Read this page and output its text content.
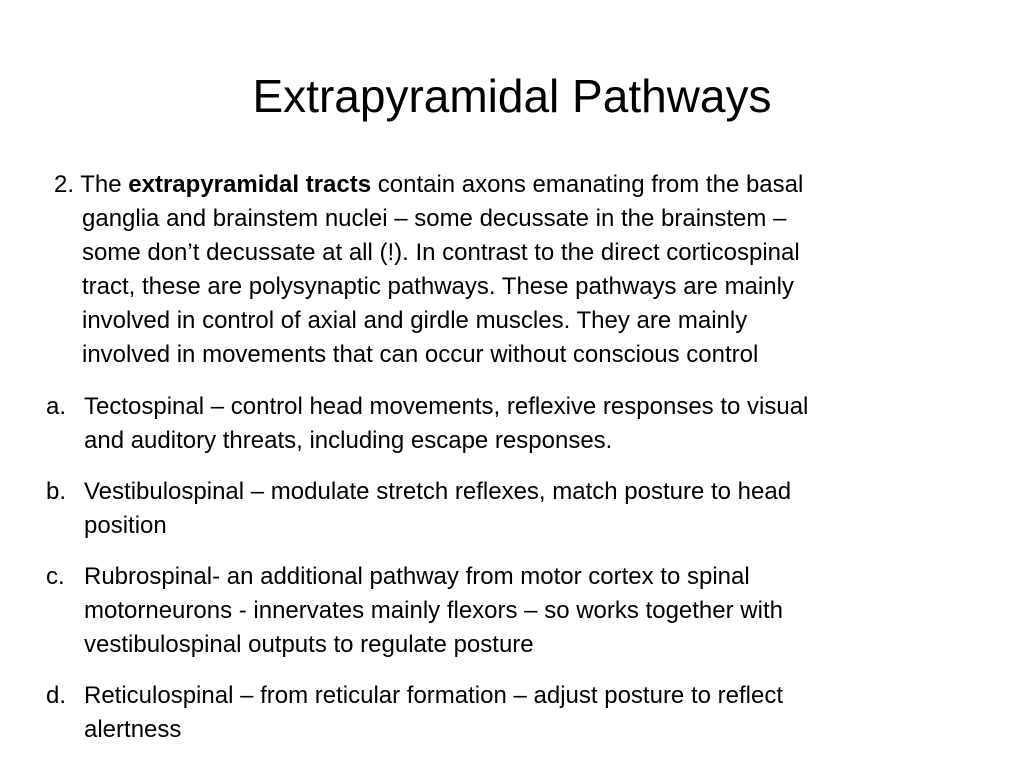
Extrapyramidal Pathways
2. The extrapyramidal tracts contain axons emanating from the basal
ganglia and brainstem nuclei – some decussate in the brainstem –
some don’t decussate at all (!). In contrast to the direct corticospinal
tract, these are polysynaptic pathways. These pathways are mainly
involved in control of axial and girdle muscles. They are mainly
involved in movements that can occur without conscious control
a. Tectospinal – control head movements, reflexive responses to visual
and auditory threats, including escape responses.
b. Vestibulospinal – modulate stretch reflexes, match posture to head
position
c. Rubrospinal- an additional pathway from motor cortex to spinal
motorneurons - innervates mainly flexors – so works together with
vestibulospinal outputs to regulate posture
d. Reticulospinal – from reticular formation – adjust posture to reflect
alertness
